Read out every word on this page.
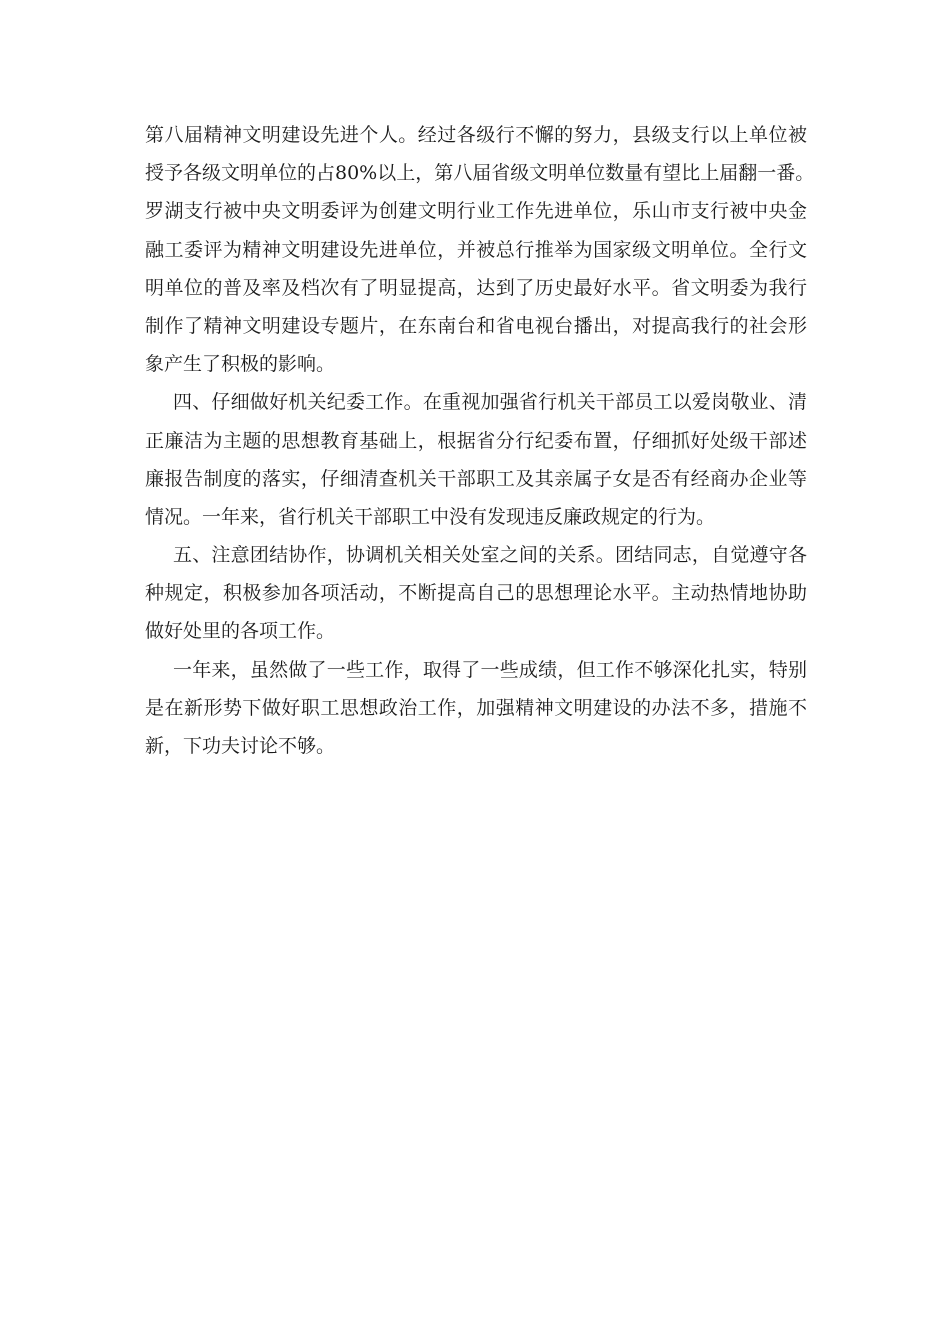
第八届精神文明建设先进个人。经过各级行不懈的努力，县级支行以上单位被
授予各级文明单位的占80%以上，第八届省级文明单位数量有望比上届翻一番。
罗湖支行被中央文明委评为创建文明行业工作先进单位，乐山市支行被中央金
融工委评为精神文明建设先进单位，并被总行推举为国家级文明单位。全行文
明单位的普及率及档次有了明显提高，达到了历史最好水平。省文明委为我行
制作了精神文明建设专题片，在东南台和省电视台播出，对提高我行的社会形
象产生了积极的影响。
四、仔细做好机关纪委工作。在重视加强省行机关干部员工以爱岗敬业、清
正廉洁为主题的思想教育基础上，根据省分行纪委布置，仔细抓好处级干部述
廉报告制度的落实，仔细清查机关干部职工及其亲属子女是否有经商办企业等
情况。一年来，省行机关干部职工中没有发现违反廉政规定的行为。
五、注意团结协作，协调机关相关处室之间的关系。团结同志，自觉遵守各
种规定，积极参加各项活动，不断提高自己的思想理论水平。主动热情地协助
做好处里的各项工作。
一年来，虽然做了一些工作，取得了一些成绩，但工作不够深化扎实，特别
是在新形势下做好职工思想政治工作，加强精神文明建设的办法不多，措施不
新，下功夫讨论不够。
